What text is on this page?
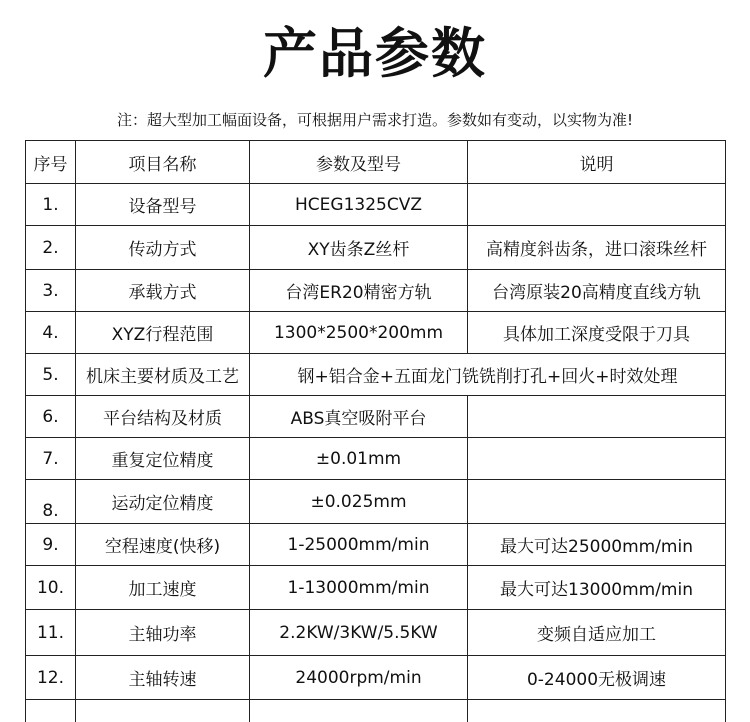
产品参数
注：超大型加工幅面设备，可根据用户需求打造。参数如有变动，以实物为准!
序号	项目名称	参数及型号	说明
1.	设备型号	HCEG1325CVZ	
2.	传动方式	XY齿条Z丝杆	高精度斜齿条，进口滚珠丝杆
3.	承载方式	台湾ER20精密方轨	台湾原装20高精度直线方轨
4.	XYZ行程范围	1300*2500*200mm	具体加工深度受限于刀具
5.	机床主要材质及工艺	钢+铝合金+五面龙门铣铣削打孔+回火+时效处理	
6.	平台结构及材质	ABS真空吸附平台	
7.	重复定位精度	±0.01mm	
8.	运动定位精度	±0.025mm	
9.	空程速度(快移)	1-25000mm/min	最大可达25000mm/min
10.	加工速度	1-13000mm/min	最大可达13000mm/min
11.	主轴功率	2.2KW/3KW/5.5KW	变频自适应加工
12.	主轴转速	24000rpm/min	0-24000无极调速
